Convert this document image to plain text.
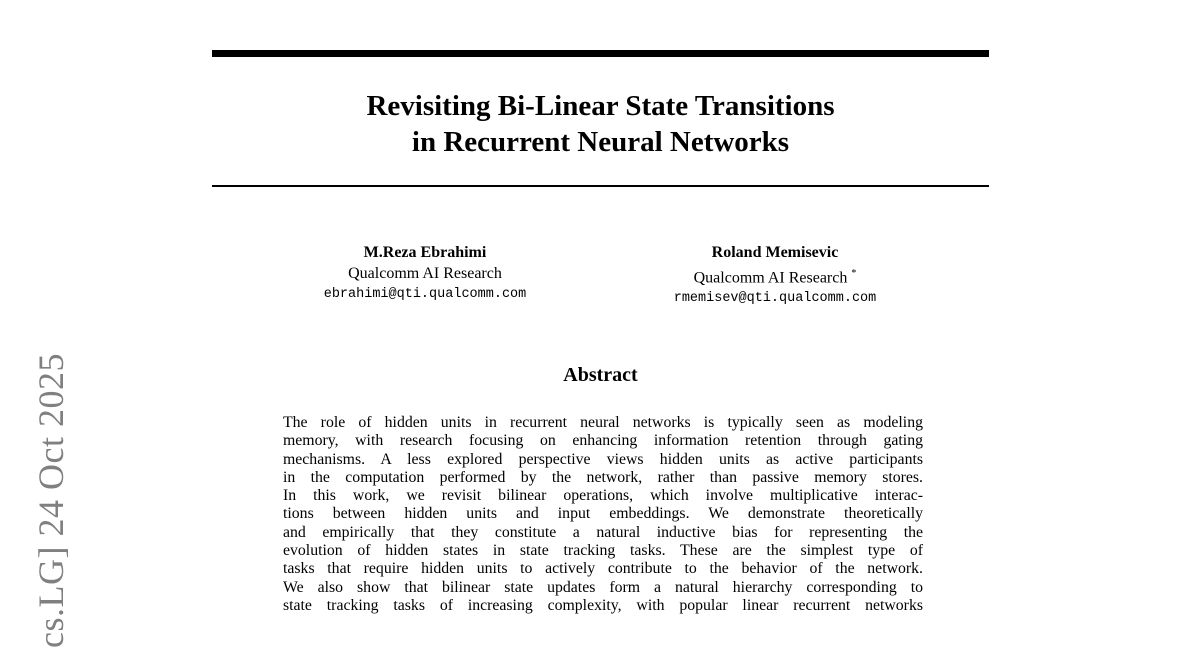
Revisiting Bi-Linear State Transitions
in Recurrent Neural Networks
M.Reza Ebrahimi
Qualcomm AI Research
ebrahimi@qti.qualcomm.com
Roland Memisevic
Qualcomm AI Research *
rmemisev@qti.qualcomm.com
Abstract
The role of hidden units in recurrent neural networks is typically seen as modeling
memory, with research focusing on enhancing information retention through gating
mechanisms. A less explored perspective views hidden units as active participants
in the computation performed by the network, rather than passive memory stores.
In this work, we revisit bilinear operations, which involve multiplicative interac-
tions between hidden units and input embeddings. We demonstrate theoretically
and empirically that they constitute a natural inductive bias for representing the
evolution of hidden states in state tracking tasks. These are the simplest type of
tasks that require hidden units to actively contribute to the behavior of the network.
We also show that bilinear state updates form a natural hierarchy corresponding to
state tracking tasks of increasing complexity, with popular linear recurrent networks
cs.LG] 24 Oct 2025
